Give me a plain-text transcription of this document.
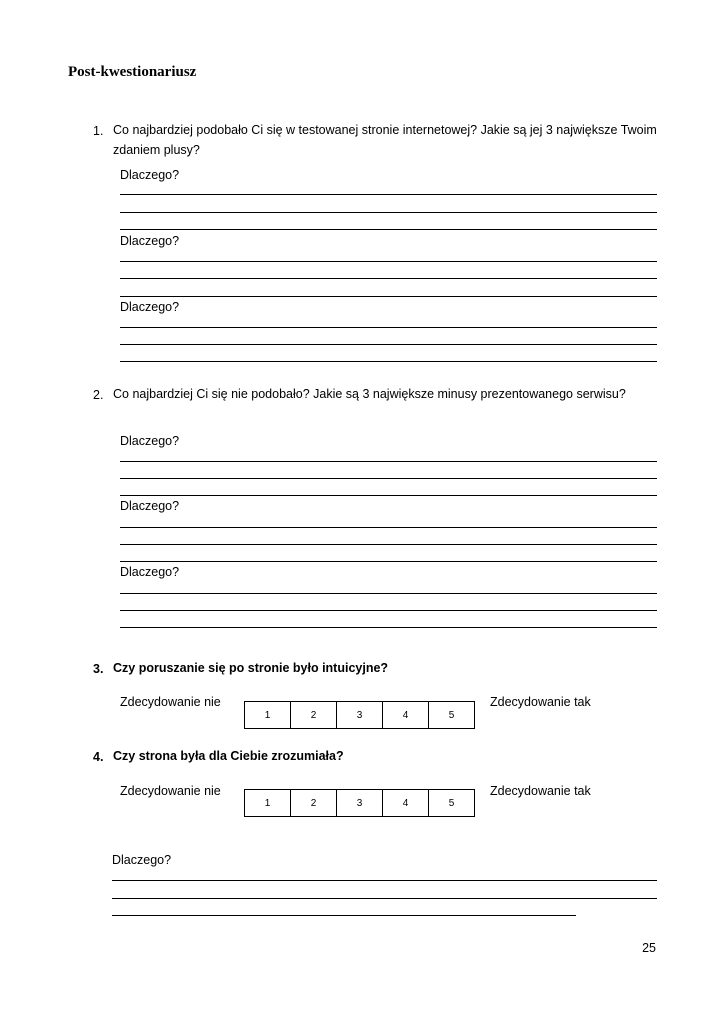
Post-kwestionariusz
1. Co najbardziej podobało Ci się w testowanej stronie internetowej? Jakie są jej 3 największe Twoim
zdaniem plusy?
Dlaczego?
Dlaczego?
Dlaczego?
2. Co najbardziej Ci się nie podobało? Jakie są 3 największe minusy prezentowanego serwisu?
Dlaczego?
Dlaczego?
Dlaczego?
3. Czy poruszanie się po stronie było intuicyjne?
Zdecydowanie nie
1	2	3	4	5
Zdecydowanie tak
4. Czy strona była dla Ciebie zrozumiała?
Zdecydowanie nie
1	2	3	4	5
Zdecydowanie tak
Dlaczego?
25
